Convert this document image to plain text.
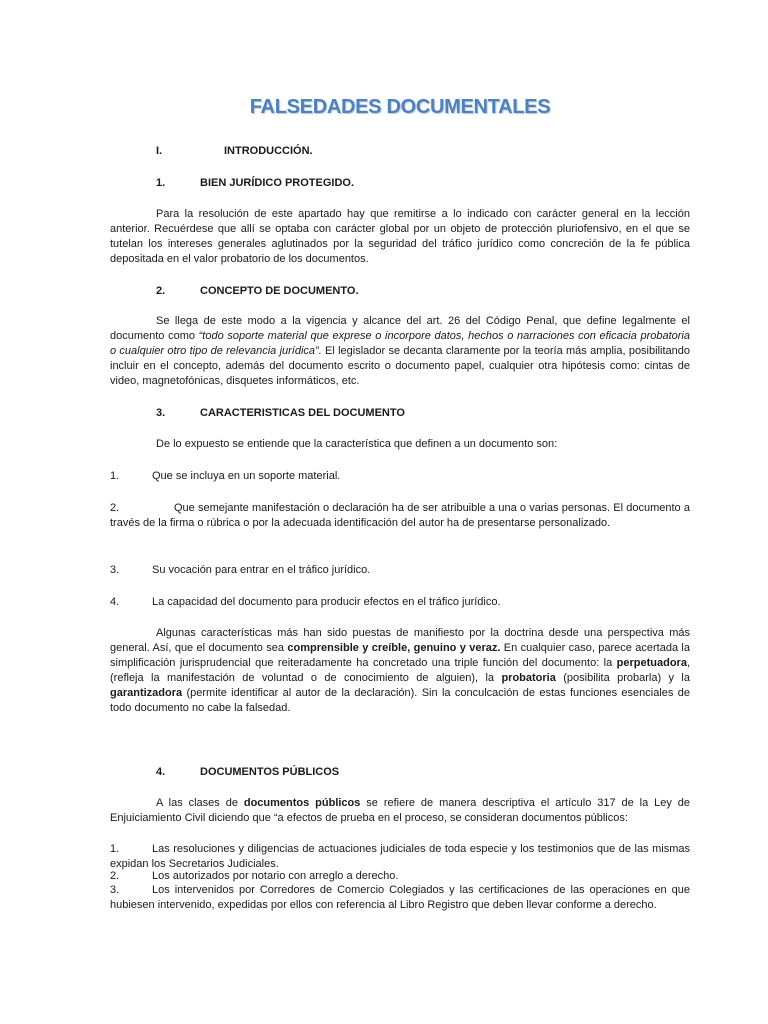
FALSEDADES DOCUMENTALES
I.	INTRODUCCIÓN.
1.	BIEN JURÍDICO PROTEGIDO.
Para la resolución de este apartado hay que remitirse a lo indicado con carácter general en la lección anterior. Recuérdese que allí se optaba con carácter global por un objeto de protección pluriofensivo, en el que se tutelan los intereses generales aglutinados por la seguridad del tráfico jurídico como concreción de la fe pública depositada en el valor probatorio de los documentos.
2.	CONCEPTO DE DOCUMENTO.
Se llega de este modo a la vigencia y alcance del art. 26 del Código Penal, que define legalmente el documento como “todo soporte material que exprese o incorpore datos, hechos o narraciones con eficacia probatoria o cualquier otro tipo de relevancia jurídica”. El legislador se decanta claramente por la teoría más amplia, posibilitando incluir en el concepto, además del documento escrito o documento papel, cualquier otra hipótesis como: cintas de video, magnetofónicas, disquetes informáticos, etc.
3.	CARACTERISTICAS DEL DOCUMENTO
De lo expuesto se entiende que la característica que definen a un documento son:
1.	Que se incluya en un soporte material.
2.	Que semejante manifestación o declaración ha de ser atribuible a una o varias personas. El documento a través de la firma o rúbrica o por la adecuada identificación del autor ha de presentarse personalizado.
3.	Su vocación para entrar en el tráfico jurídico.
4.	La capacidad del documento para producir efectos en el tráfico jurídico.
Algunas características más han sido puestas de manifiesto por la doctrina desde una perspectiva más general. Así, que el documento sea comprensible y creíble, genuino y veraz. En cualquier caso, parece acertada la simplificación jurisprudencial que reiteradamente ha concretado una triple función del documento: la perpetuadora, (refleja la manifestación de voluntad o de conocimiento de alguien), la probatoria (posibilita probarla) y la garantizadora (permite identificar al autor de la declaración). Sin la conculcación de estas funciones esenciales de todo documento no cabe la falsedad.
4.	DOCUMENTOS PÚBLICOS
A las clases de documentos públicos se refiere de manera descriptiva el artículo 317 de la Ley de Enjuiciamiento Civil diciendo que “a efectos de prueba en el proceso, se consideran documentos públicos:
1.	Las resoluciones y diligencias de actuaciones judiciales de toda especie y los testimonios que de las mismas expidan los Secretarios Judiciales.
2.	Los autorizados por notario con arreglo a derecho.
3.	Los intervenidos por Corredores de Comercio Colegiados y las certificaciones de las operaciones en que hubiesen intervenido, expedidas por ellos con referencia al Libro Registro que deben llevar conforme a derecho.
